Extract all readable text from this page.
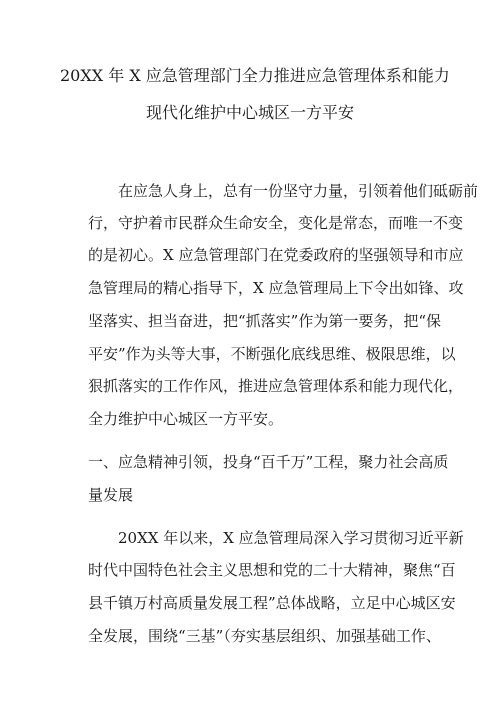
20XX 年 X 应急管理部门全力推进应急管理体系和能力
现代化维护中心城区一方平安
在应急人身上，总有一份坚守力量，引领着他们砥砺前
行，守护着市民群众生命安全，变化是常态，而唯一不变
的是初心。X 应急管理部门在党委政府的坚强领导和市应
急管理局的精心指导下，X 应急管理局上下令出如锋、攻
坚落实、担当奋进，把“抓落实”作为第一要务，把“保
平安”作为头等大事，不断强化底线思维、极限思维，以
狠抓落实的工作作风，推进应急管理体系和能力现代化，
全力维护中心城区一方平安。
一、应急精神引领，投身“百千万”工程，聚力社会高质
量发展
20XX 年以来，X 应急管理局深入学习贯彻习近平新
时代中国特色社会主义思想和党的二十大精神，聚焦“百
县千镇万村高质量发展工程”总体战略，立足中心城区安
全发展，围绕“三基”（夯实基层组织、加强基础工作、
